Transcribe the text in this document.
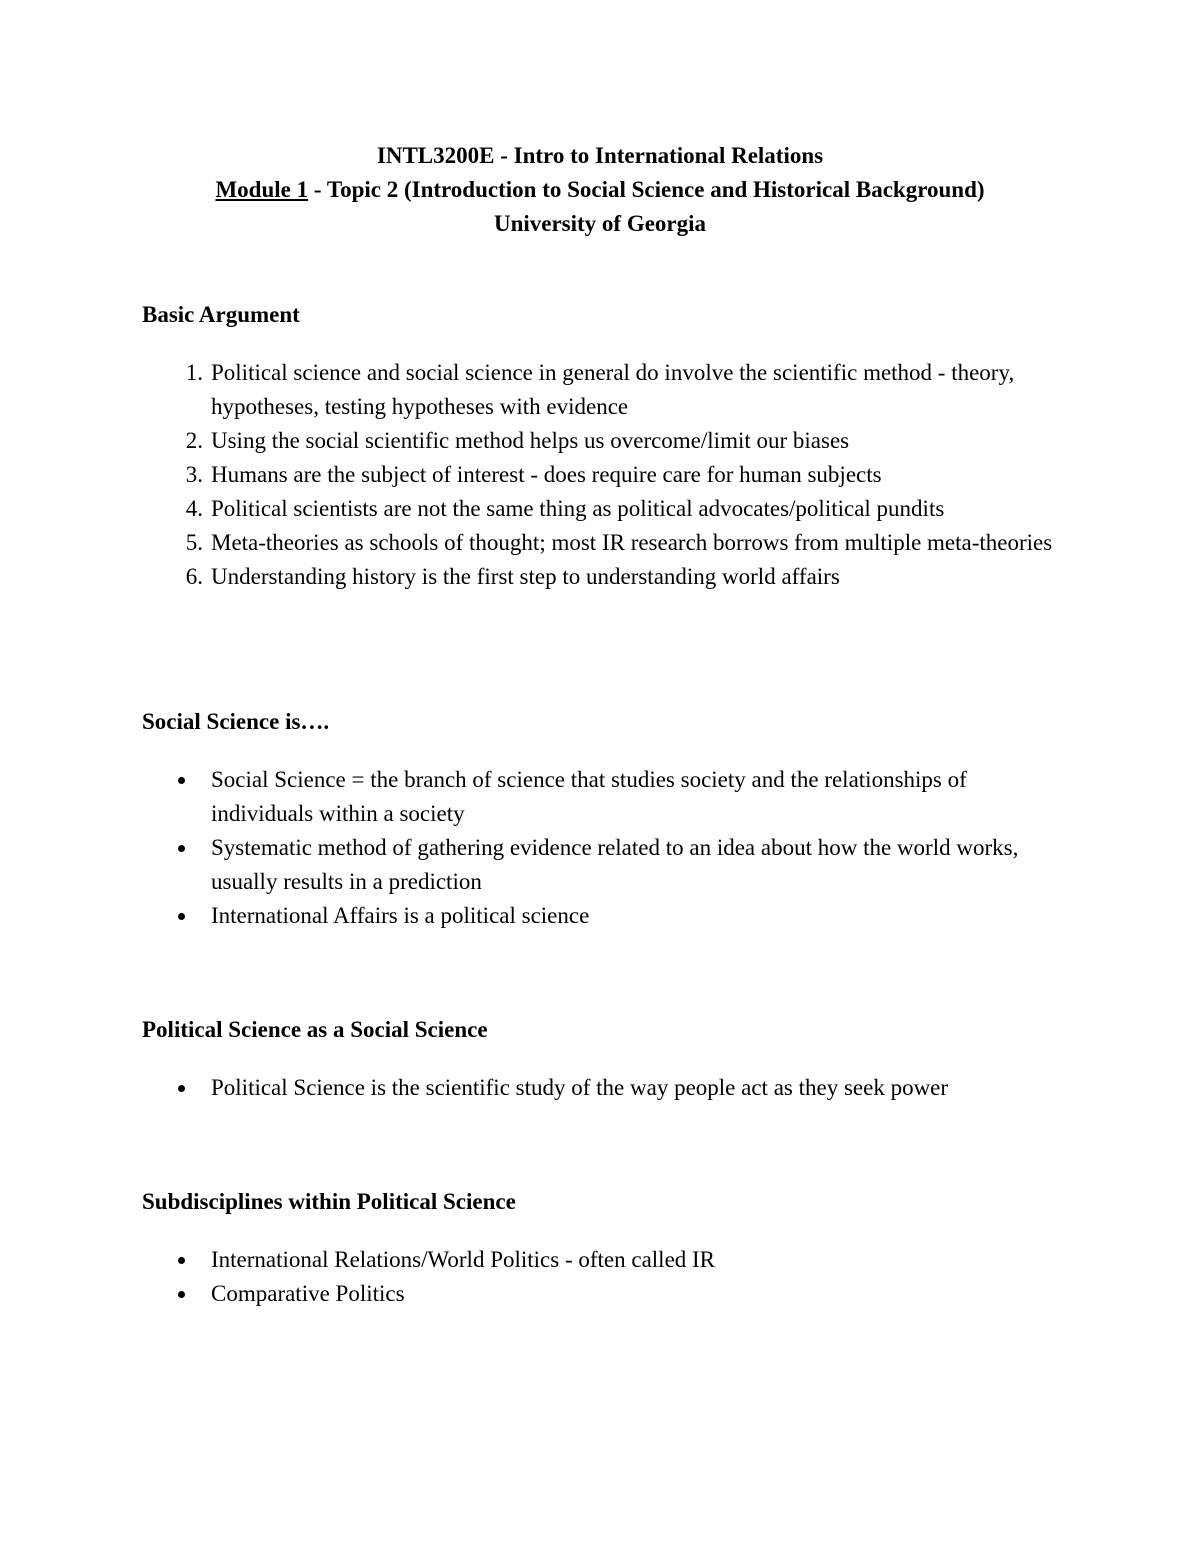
INTL3200E - Intro to International Relations
Module 1 - Topic 2 (Introduction to Social Science and Historical Background)
University of Georgia
Basic Argument
1. Political science and social science in general do involve the scientific method - theory, hypotheses, testing hypotheses with evidence
2. Using the social scientific method helps us overcome/limit our biases
3. Humans are the subject of interest - does require care for human subjects
4. Political scientists are not the same thing as political advocates/political pundits
5. Meta-theories as schools of thought; most IR research borrows from multiple meta-theories
6. Understanding history is the first step to understanding world affairs
Social Science is….
Social Science = the branch of science that studies society and the relationships of individuals within a society
Systematic method of gathering evidence related to an idea about how the world works, usually results in a prediction
International Affairs is a political science
Political Science as a Social Science
Political Science is the scientific study of the way people act as they seek power
Subdisciplines within Political Science
International Relations/World Politics - often called IR
Comparative Politics
